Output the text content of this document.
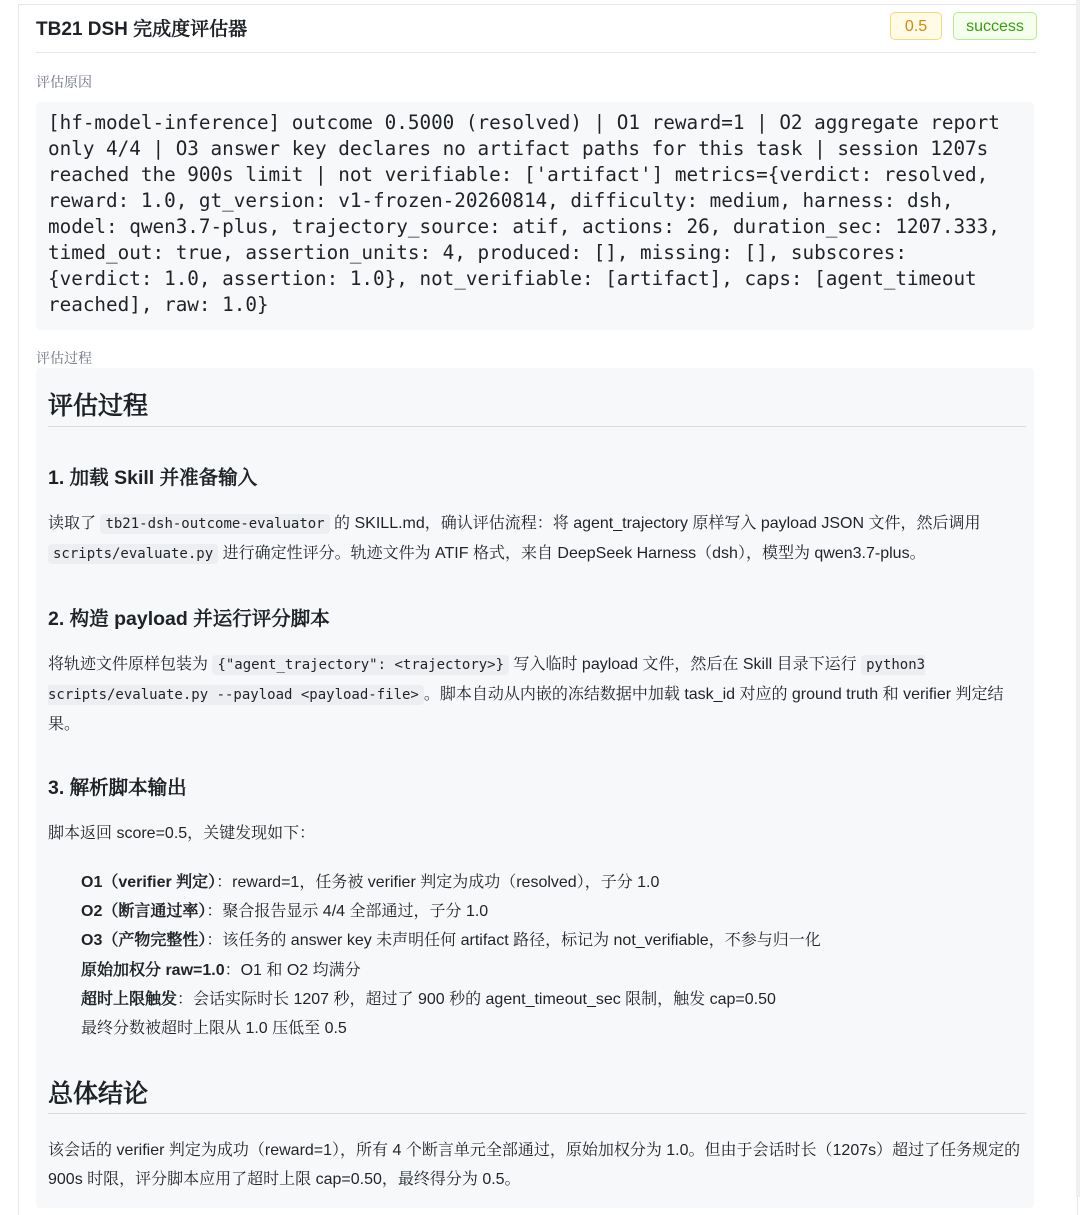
TB21 DSH 完成度评估器	0.5	success
评估原因
[hf-model-inference] outcome 0.5000 (resolved) | O1 reward=1 | O2 aggregate report only 4/4 | O3 answer key declares no artifact paths for this task | session 1207s reached the 900s limit | not verifiable: ['artifact'] metrics={verdict: resolved, reward: 1.0, gt_version: v1-frozen-20260814, difficulty: medium, harness: dsh, model: qwen3.7-plus, trajectory_source: atif, actions: 26, duration_sec: 1207.333, timed_out: true, assertion_units: 4, produced: [], missing: [], subscores: {verdict: 1.0, assertion: 1.0}, not_verifiable: [artifact], caps: [agent_timeout reached], raw: 1.0}
评估过程
评估过程
1. 加载 Skill 并准备输入
读取了 tb21-dsh-outcome-evaluator 的 SKILL.md，确认评估流程：将 agent_trajectory 原样写入 payload JSON 文件，然后调用 scripts/evaluate.py 进行确定性评分。轨迹文件为 ATIF 格式，来自 DeepSeek Harness（dsh），模型为 qwen3.7-plus。
2. 构造 payload 并运行评分脚本
将轨迹文件原样包装为 {"agent_trajectory": <trajectory>} 写入临时 payload 文件，然后在 Skill 目录下运行 python3 scripts/evaluate.py --payload <payload-file> 。脚本自动从内嵌的冻结数据中加载 task_id 对应的 ground truth 和 verifier 判定结果。
3. 解析脚本输出
脚本返回 score=0.5，关键发现如下：
O1（verifier 判定）：reward=1，任务被 verifier 判定为成功（resolved），子分 1.0
O2（断言通过率）：聚合报告显示 4/4 全部通过，子分 1.0
O3（产物完整性）：该任务的 answer key 未声明任何 artifact 路径，标记为 not_verifiable，不参与归一化
原始加权分 raw=1.0：O1 和 O2 均满分
超时上限触发：会话实际时长 1207 秒，超过了 900 秒的 agent_timeout_sec 限制，触发 cap=0.50
最终分数被超时上限从 1.0 压低至 0.5
总体结论
该会话的 verifier 判定为成功（reward=1），所有 4 个断言单元全部通过，原始加权分为 1.0。但由于会话时长（1207s）超过了任务规定的 900s 时限，评分脚本应用了超时上限 cap=0.50，最终得分为 0.5。
